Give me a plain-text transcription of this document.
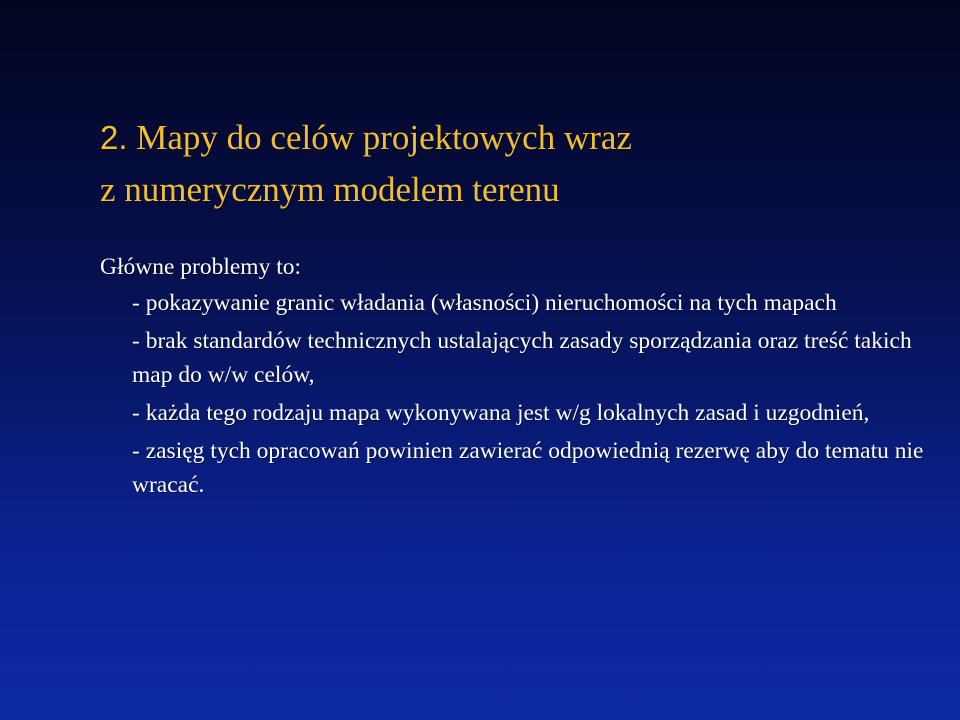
2. Mapy do celów projektowych wraz
z numerycznym modelem terenu

Główne problemy to:

- pokazywanie granic władania (własności) nieruchomości na tych mapach

- brak standardów technicznych ustalających zasady sporządzania oraz treść takich map do w/w celów,

- każda tego rodzaju mapa wykonywana jest w/g lokalnych zasad i uzgodnień,

- zasięg tych opracowań powinien zawierać odpowiednią rezerwę aby do tematu nie wracać.
